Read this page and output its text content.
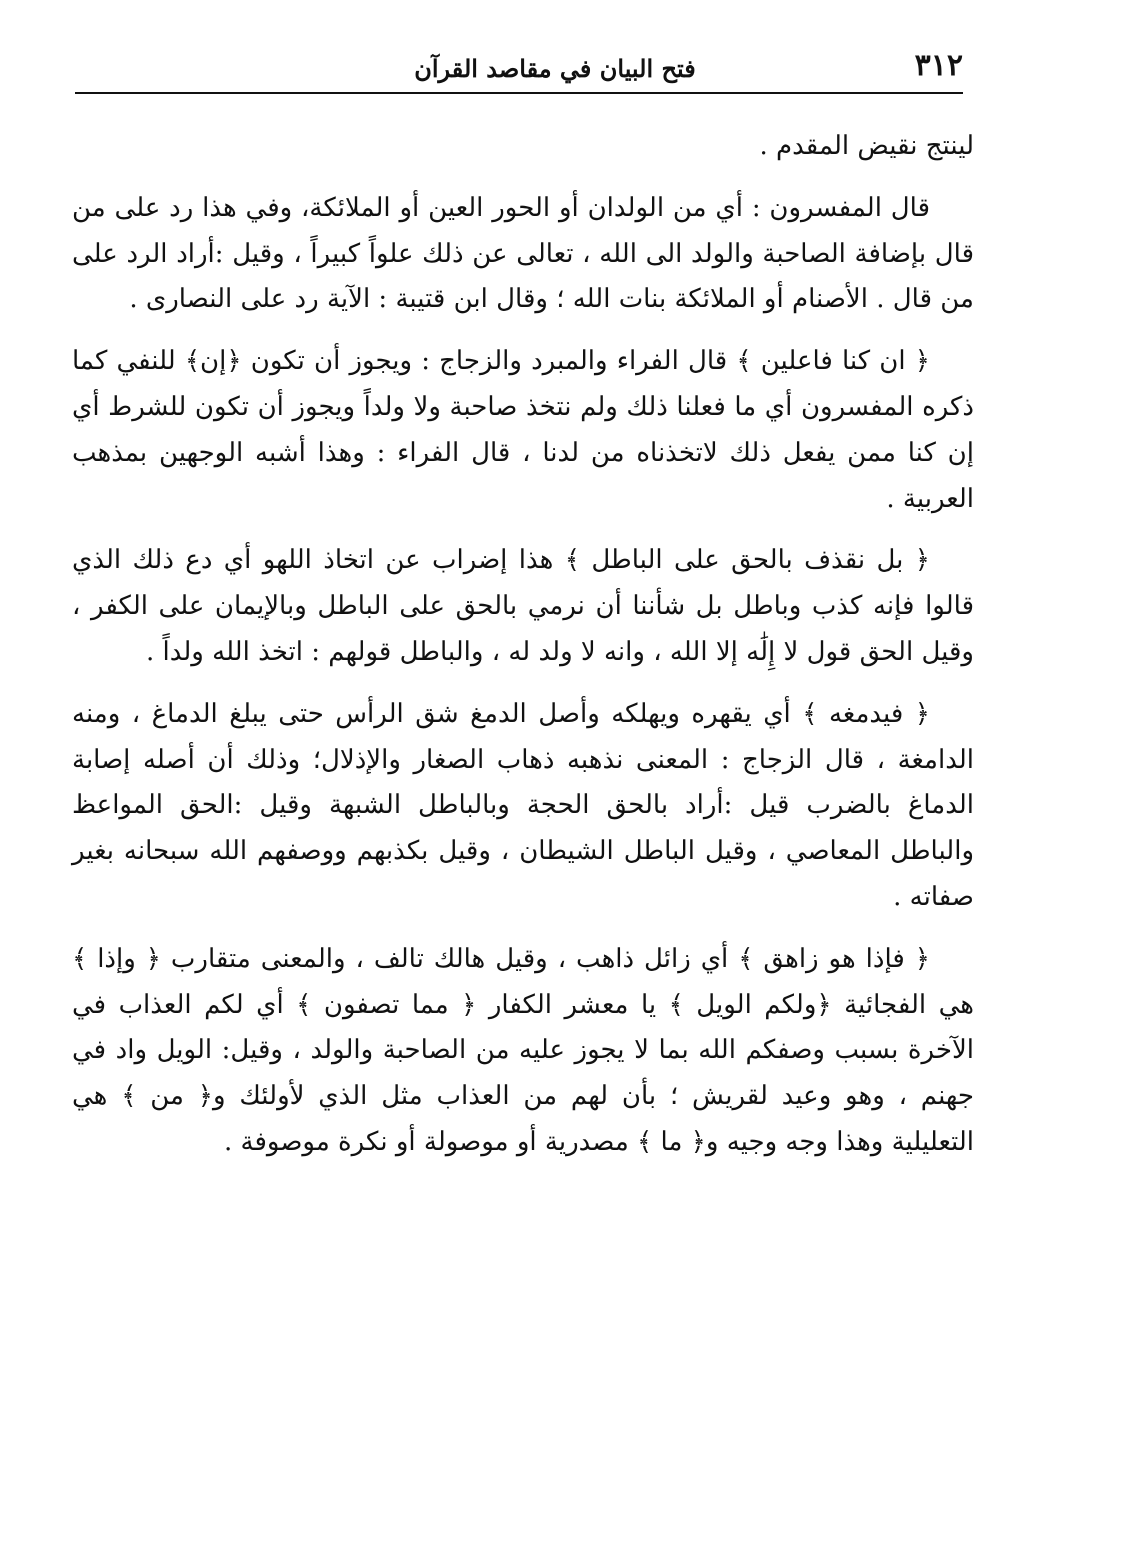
٣١٢
فتح البيان في مقاصد القرآن

لينتج نقيض المقدم .

قال المفسرون : أي من الولدان أو الحور العين أو الملائكة، وفي هذا رد على من قال بإضافة الصاحبة والولد الى الله ، تعالى عن ذلك علواً كبيراً ، وقيل :أراد الرد على من قال . الأصنام أو الملائكة بنات الله ؛ وقال ابن قتيبة : الآية رد على النصارى .

﴿ ان كنا فاعلين ﴾ قال الفراء والمبرد والزجاج : ويجوز أن تكون ﴿إن﴾ للنفي كما ذكره المفسرون أي ما فعلنا ذلك ولم نتخذ صاحبة ولا ولداً ويجوز أن تكون للشرط أي إن كنا ممن يفعل ذلك لاتخذناه من لدنا ، قال الفراء : وهذا أشبه الوجهين بمذهب العربية .

﴿ بل نقذف بالحق على الباطل ﴾ هذا إضراب عن اتخاذ اللهو أي دع ذلك الذي قالوا فإنه كذب وباطل بل شأننا أن نرمي بالحق على الباطل وبالإيمان على الكفر ، وقيل الحق قول لا إِلَٰه إلا الله ، وانه لا ولد له ، والباطل قولهم : اتخذ الله ولداً .

﴿ فيدمغه ﴾ أي يقهره ويهلكه وأصل الدمغ شق الرأس حتى يبلغ الدماغ ، ومنه الدامغة ، قال الزجاج : المعنى نذهبه ذهاب الصغار والإذلال؛ وذلك أن أصله إصابة الدماغ بالضرب قيل :أراد بالحق الحجة وبالباطل الشبهة وقيل :الحق المواعظ والباطل المعاصي ، وقيل الباطل الشيطان ، وقيل بكذبهم ووصفهم الله سبحانه بغير صفاته .

﴿ فإذا هو زاهق ﴾ أي زائل ذاهب ، وقيل هالك تالف ، والمعنى متقارب ﴿ وإذا ﴾ هي الفجائية ﴿ولكم الويل ﴾ يا معشر الكفار ﴿ مما تصفون ﴾ أي لكم العذاب في الآخرة بسبب وصفكم الله بما لا يجوز عليه من الصاحبة والولد ، وقيل: الويل واد في جهنم ، وهو وعيد لقريش ؛ بأن لهم من العذاب مثل الذي لأولئك و﴿ من ﴾ هي التعليلية وهذا وجه وجيه و﴿ ما ﴾ مصدرية أو موصولة أو نكرة موصوفة .
